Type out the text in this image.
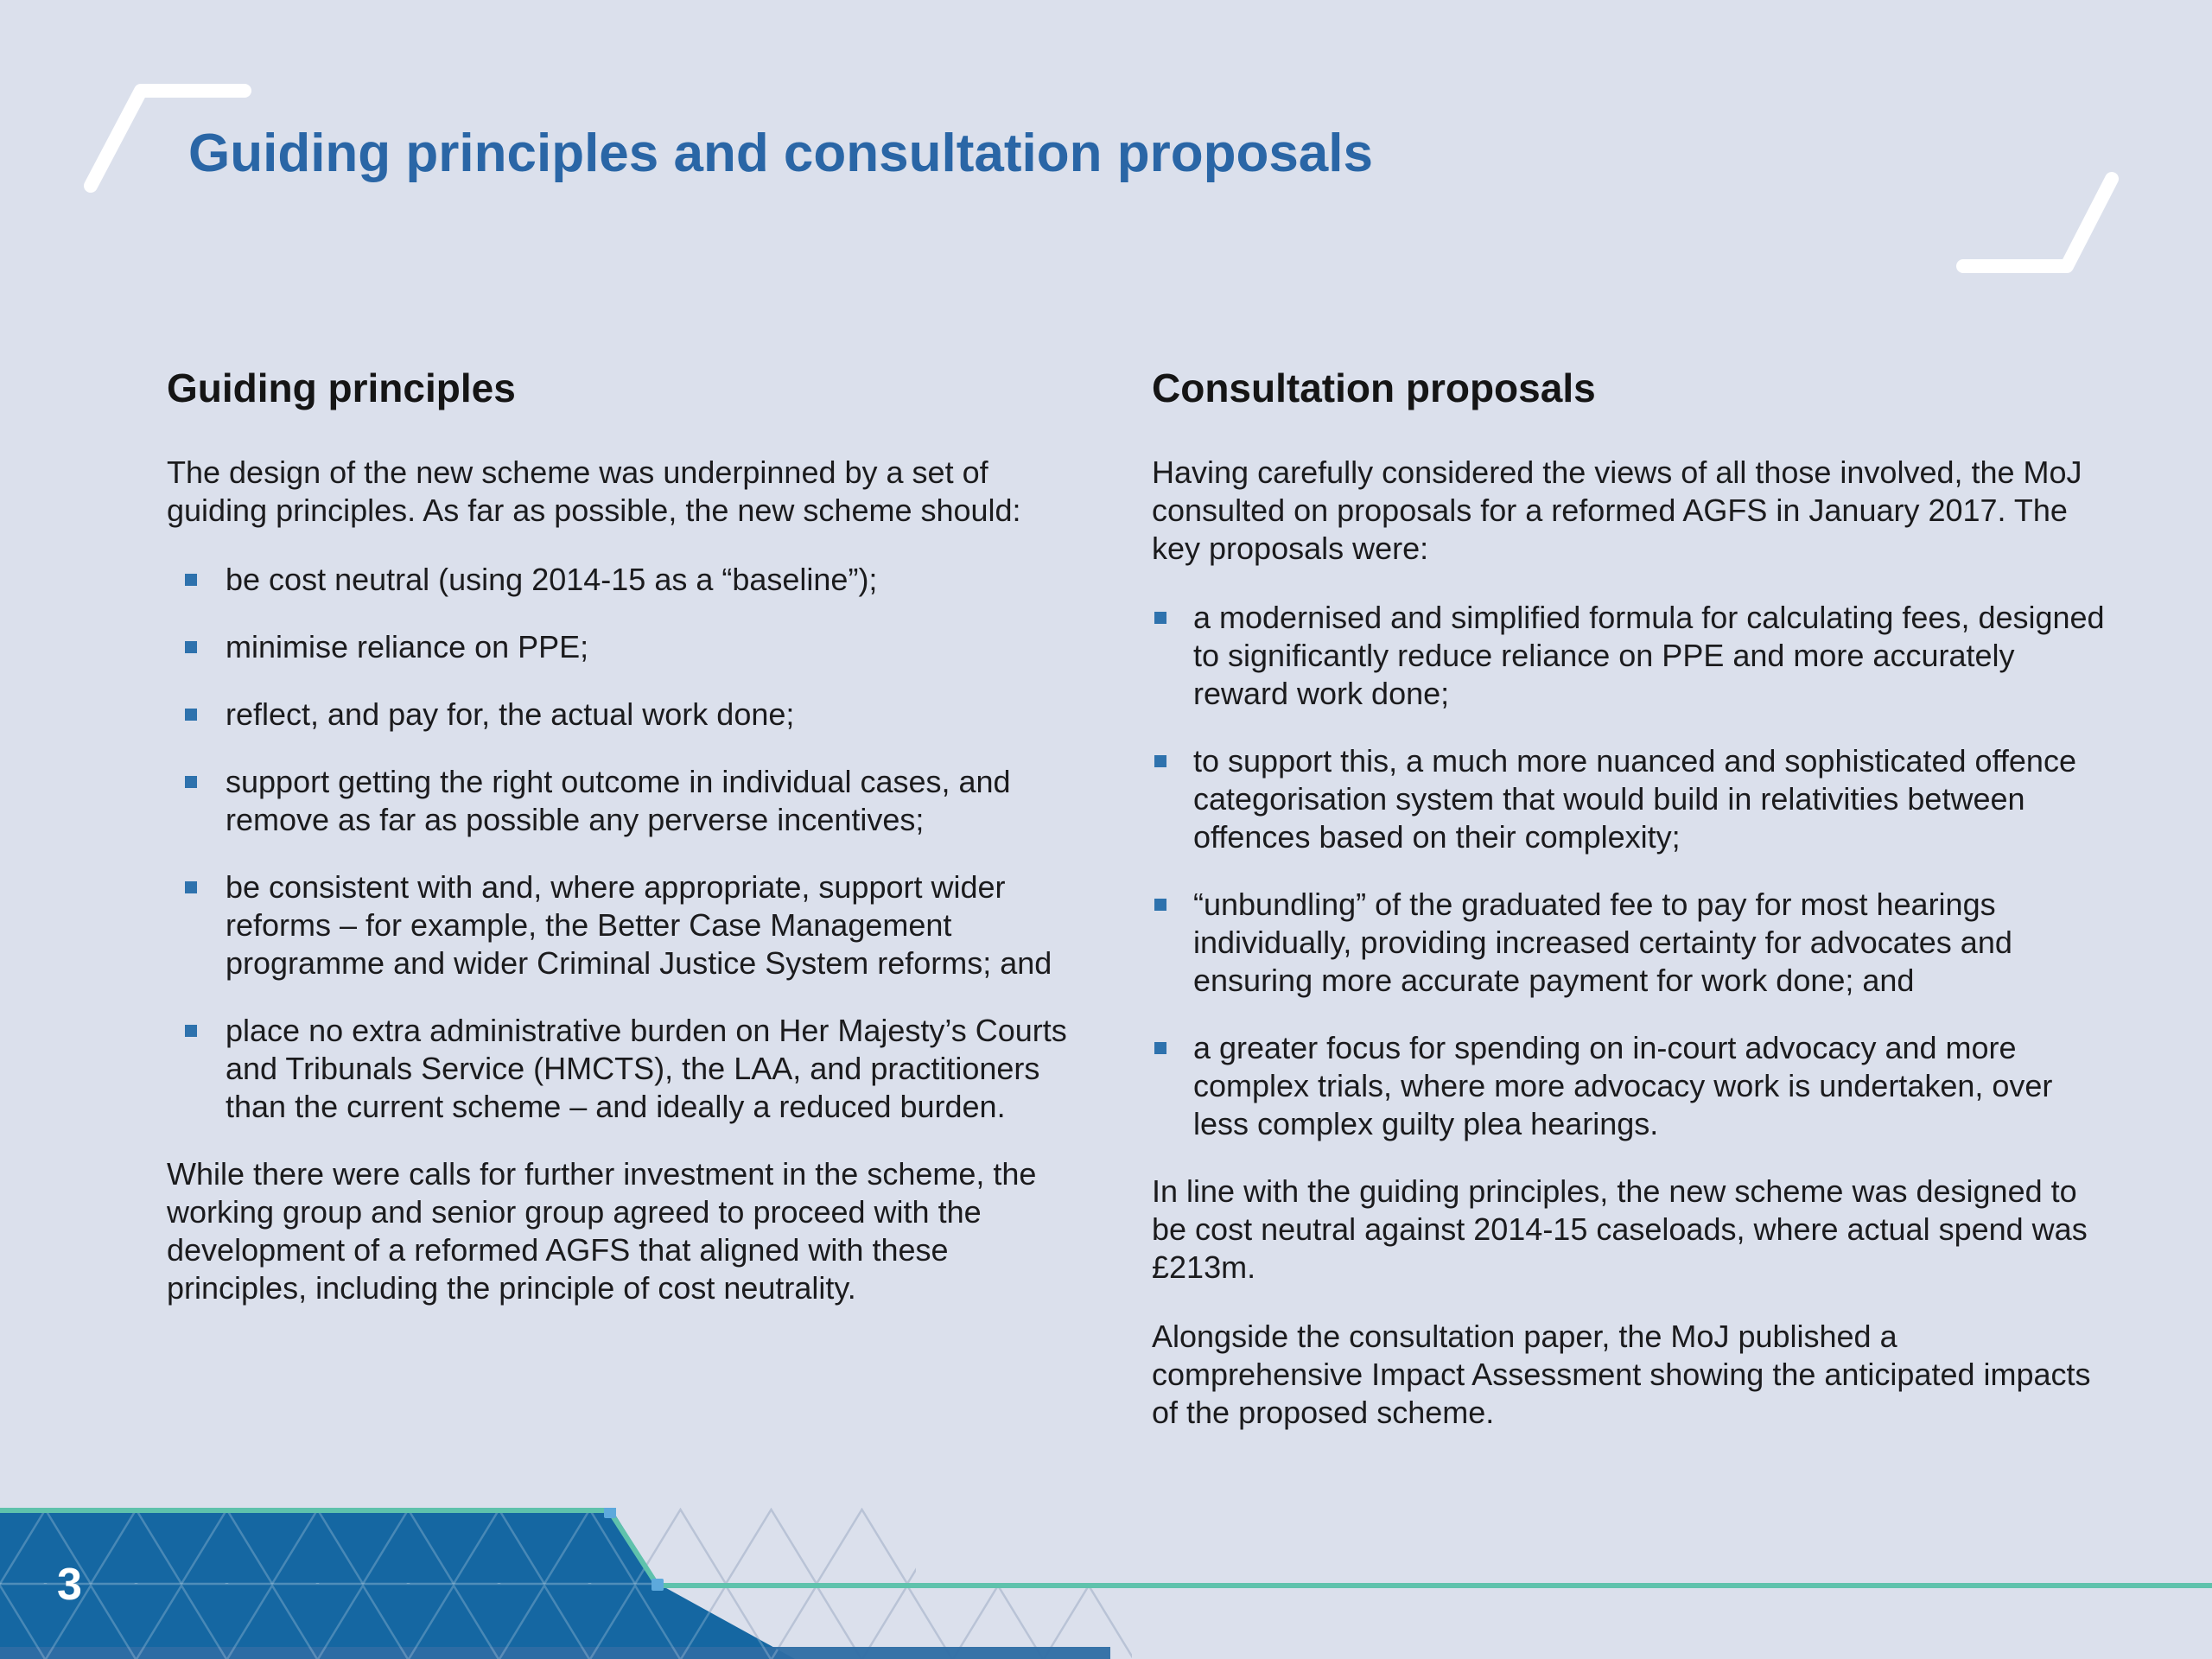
Guiding principles and consultation proposals
Guiding principles

The design of the new scheme was underpinned by a set of guiding principles. As far as possible, the new scheme should:

be cost neutral (using 2014-15 as a “baseline”);
minimise reliance on PPE;
reflect, and pay for, the actual work done;
support getting the right outcome in individual cases, and remove as far as possible any perverse incentives;
be consistent with and, where appropriate, support wider reforms – for example, the Better Case Management programme and wider Criminal Justice System reforms; and
place no extra administrative burden on Her Majesty’s Courts and Tribunals Service (HMCTS), the LAA, and practitioners than the current scheme – and ideally a reduced burden.

While there were calls for further investment in the scheme, the working group and senior group agreed to proceed with the development of a reformed AGFS that aligned with these principles, including the principle of cost neutrality.

Consultation proposals

Having carefully considered the views of all those involved, the MoJ consulted on proposals for a reformed AGFS in January 2017. The key proposals were:

a modernised and simplified formula for calculating fees, designed to significantly reduce reliance on PPE and more accurately reward work done;
to support this, a much more nuanced and sophisticated offence categorisation system that would build in relativities between offences based on their complexity;
“unbundling” of the graduated fee to pay for most hearings individually, providing increased certainty for advocates and ensuring more accurate payment for work done; and
a greater focus for spending on in-court advocacy and more complex trials, where more advocacy work is undertaken, over less complex guilty plea hearings.

In line with the guiding principles, the new scheme was designed to be cost neutral against 2014-15 caseloads, where actual spend was £213m.

Alongside the consultation paper, the MoJ published a comprehensive Impact Assessment showing the anticipated impacts of the proposed scheme.

3
